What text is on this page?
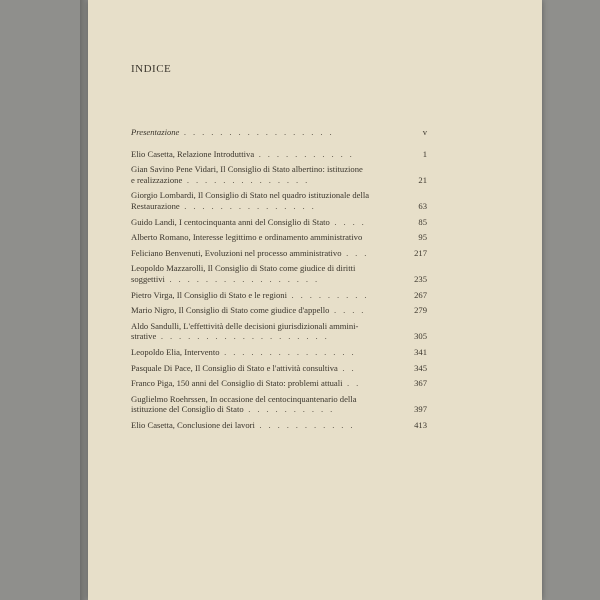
INDICE
Presentazione . . . . . . . . . . . . . . . . .	v
Elio Casetta, Relazione Introduttiva . . . . . . . . . . .	1
Gian Savino Pene Vidari, Il Consiglio di Stato albertino: istituzione
e realizzazione . . . . . . . . . . . . . .	21
Giorgio Lombardi, Il Consiglio di Stato nel quadro istituzionale della
Restaurazione . . . . . . . . . . . . . . .	63
Guido Landi, I centocinquanta anni del Consiglio di Stato . . . .	85
Alberto Romano, Interesse legittimo e ordinamento amministrativo	95
Feliciano Benvenuti, Evoluzioni nel processo amministrativo . . .	217
Leopoldo Mazzarolli, Il Consiglio di Stato come giudice di diritti
soggettivi . . . . . . . . . . . . . . . . .	235
Pietro Virga, Il Consiglio di Stato e le regioni . . . . . . . . .	267
Mario Nigro, Il Consiglio di Stato come giudice d'appello . . . .	279
Aldo Sandulli, L'effettività delle decisioni giurisdizionali ammini-
strative . . . . . . . . . . . . . . . . . . .	305
Leopoldo Elia, Intervento . . . . . . . . . . . . . . .	341
Pasquale Di Pace, Il Consiglio di Stato e l'attività consultiva . .	345
Franco Piga, 150 anni del Consiglio di Stato: problemi attuali . .	367
Guglielmo Roehrssen, In occasione del centocinquantenario della
istituzione del Consiglio di Stato . . . . . . . . . .	397
Elio Casetta, Conclusione dei lavori . . . . . . . . . . .	413
